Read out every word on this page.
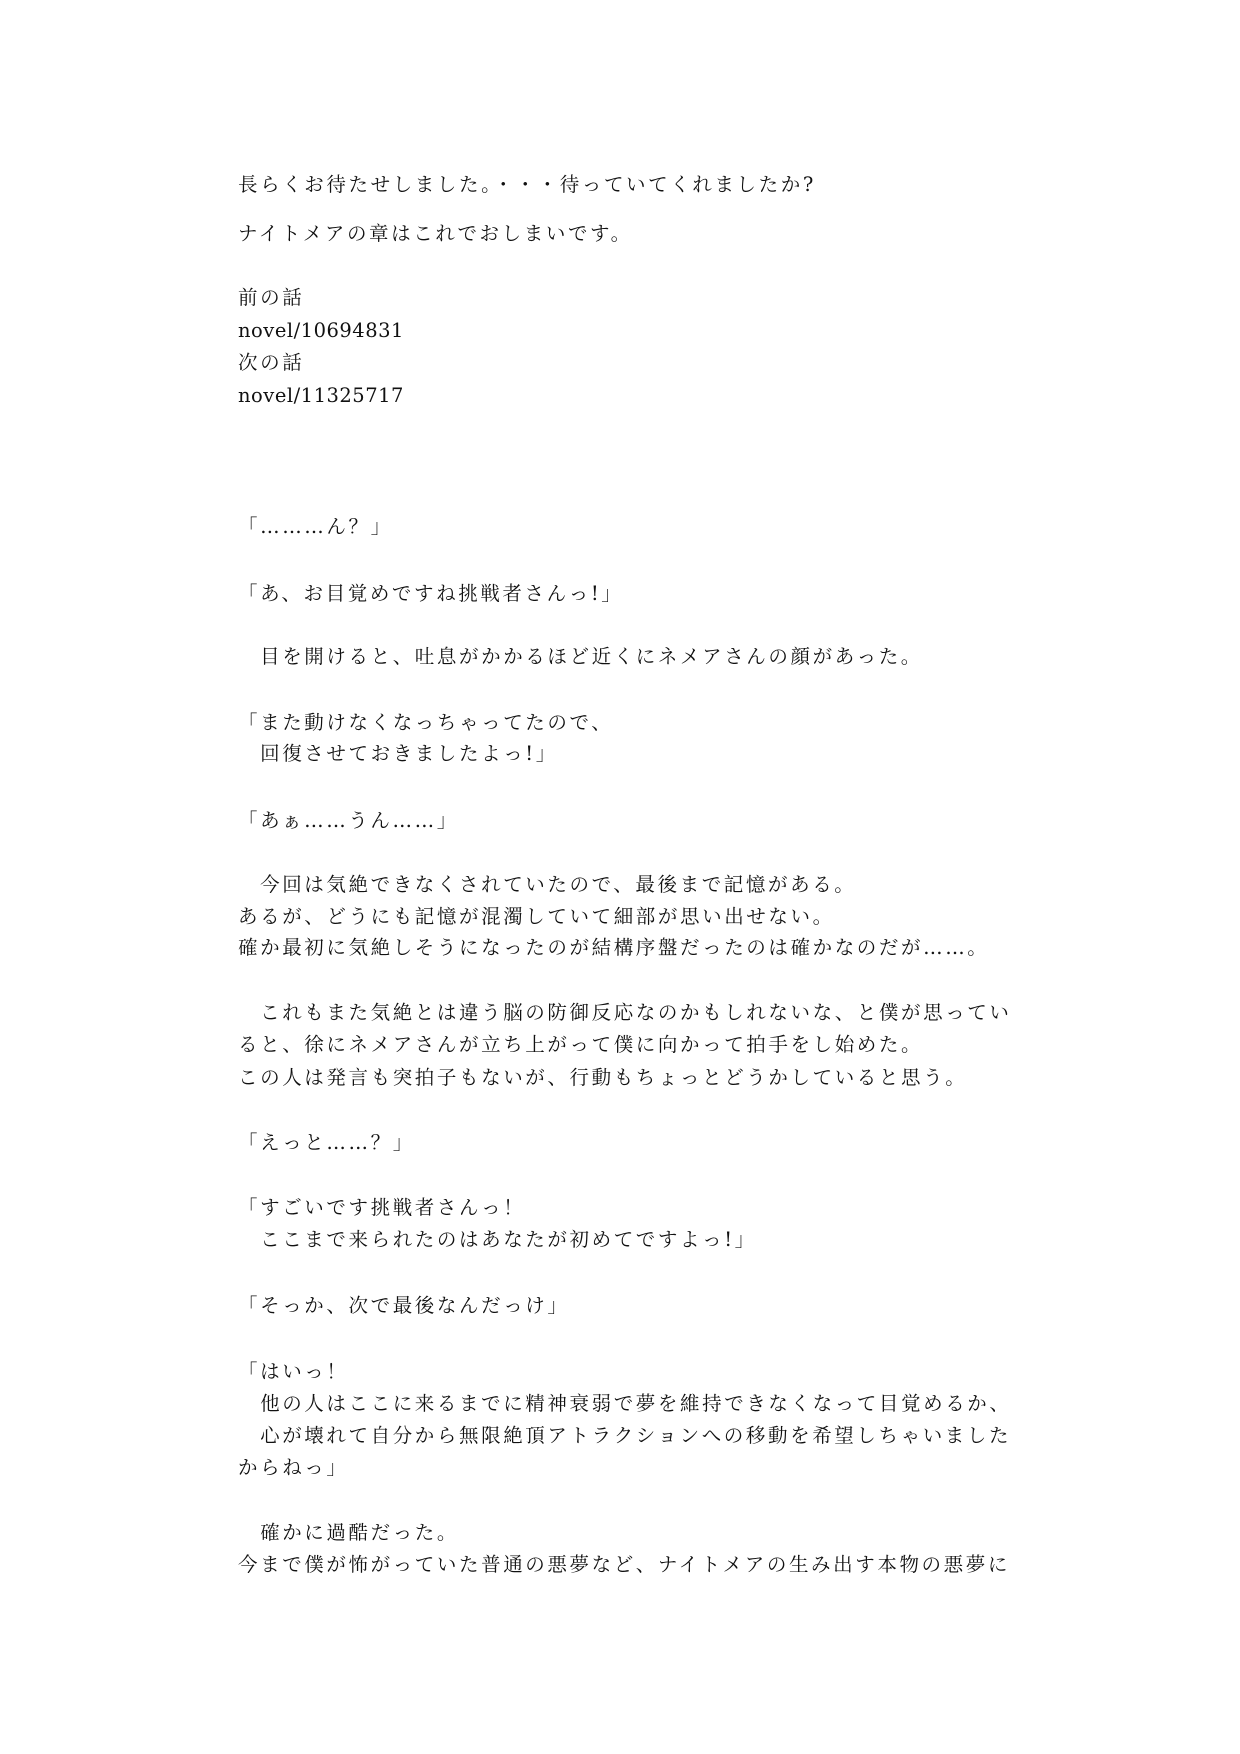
長らくお待たせしました。・・・待っていてくれましたか?
ナイトメアの章はこれでおしまいです。
前の話
novel/10694831
次の話
novel/11325717
「………ん？」
「あ、お目覚めですね挑戦者さんっ!」
　目を開けると、吐息がかかるほど近くにネメアさんの顔があった。
「また動けなくなっちゃってたので、
　回復させておきましたよっ!」
「あぁ……うん……」
　今回は気絶できなくされていたので、最後まで記憶がある。
あるが、どうにも記憶が混濁していて細部が思い出せない。
確か最初に気絶しそうになったのが結構序盤だったのは確かなのだが……。
　これもまた気絶とは違う脳の防御反応なのかもしれないな、と僕が思ってい
ると、徐にネメアさんが立ち上がって僕に向かって拍手をし始めた。
この人は発言も突拍子もないが、行動もちょっとどうかしていると思う。
「えっと……？」
「すごいです挑戦者さんっ！
　ここまで来られたのはあなたが初めてですよっ!」
「そっか、次で最後なんだっけ」
「はいっ！
　他の人はここに来るまでに精神衰弱で夢を維持できなくなって目覚めるか、
　心が壊れて自分から無限絶頂アトラクションへの移動を希望しちゃいました
からねっ」
　確かに過酷だった。
今まで僕が怖がっていた普通の悪夢など、ナイトメアの生み出す本物の悪夢に
